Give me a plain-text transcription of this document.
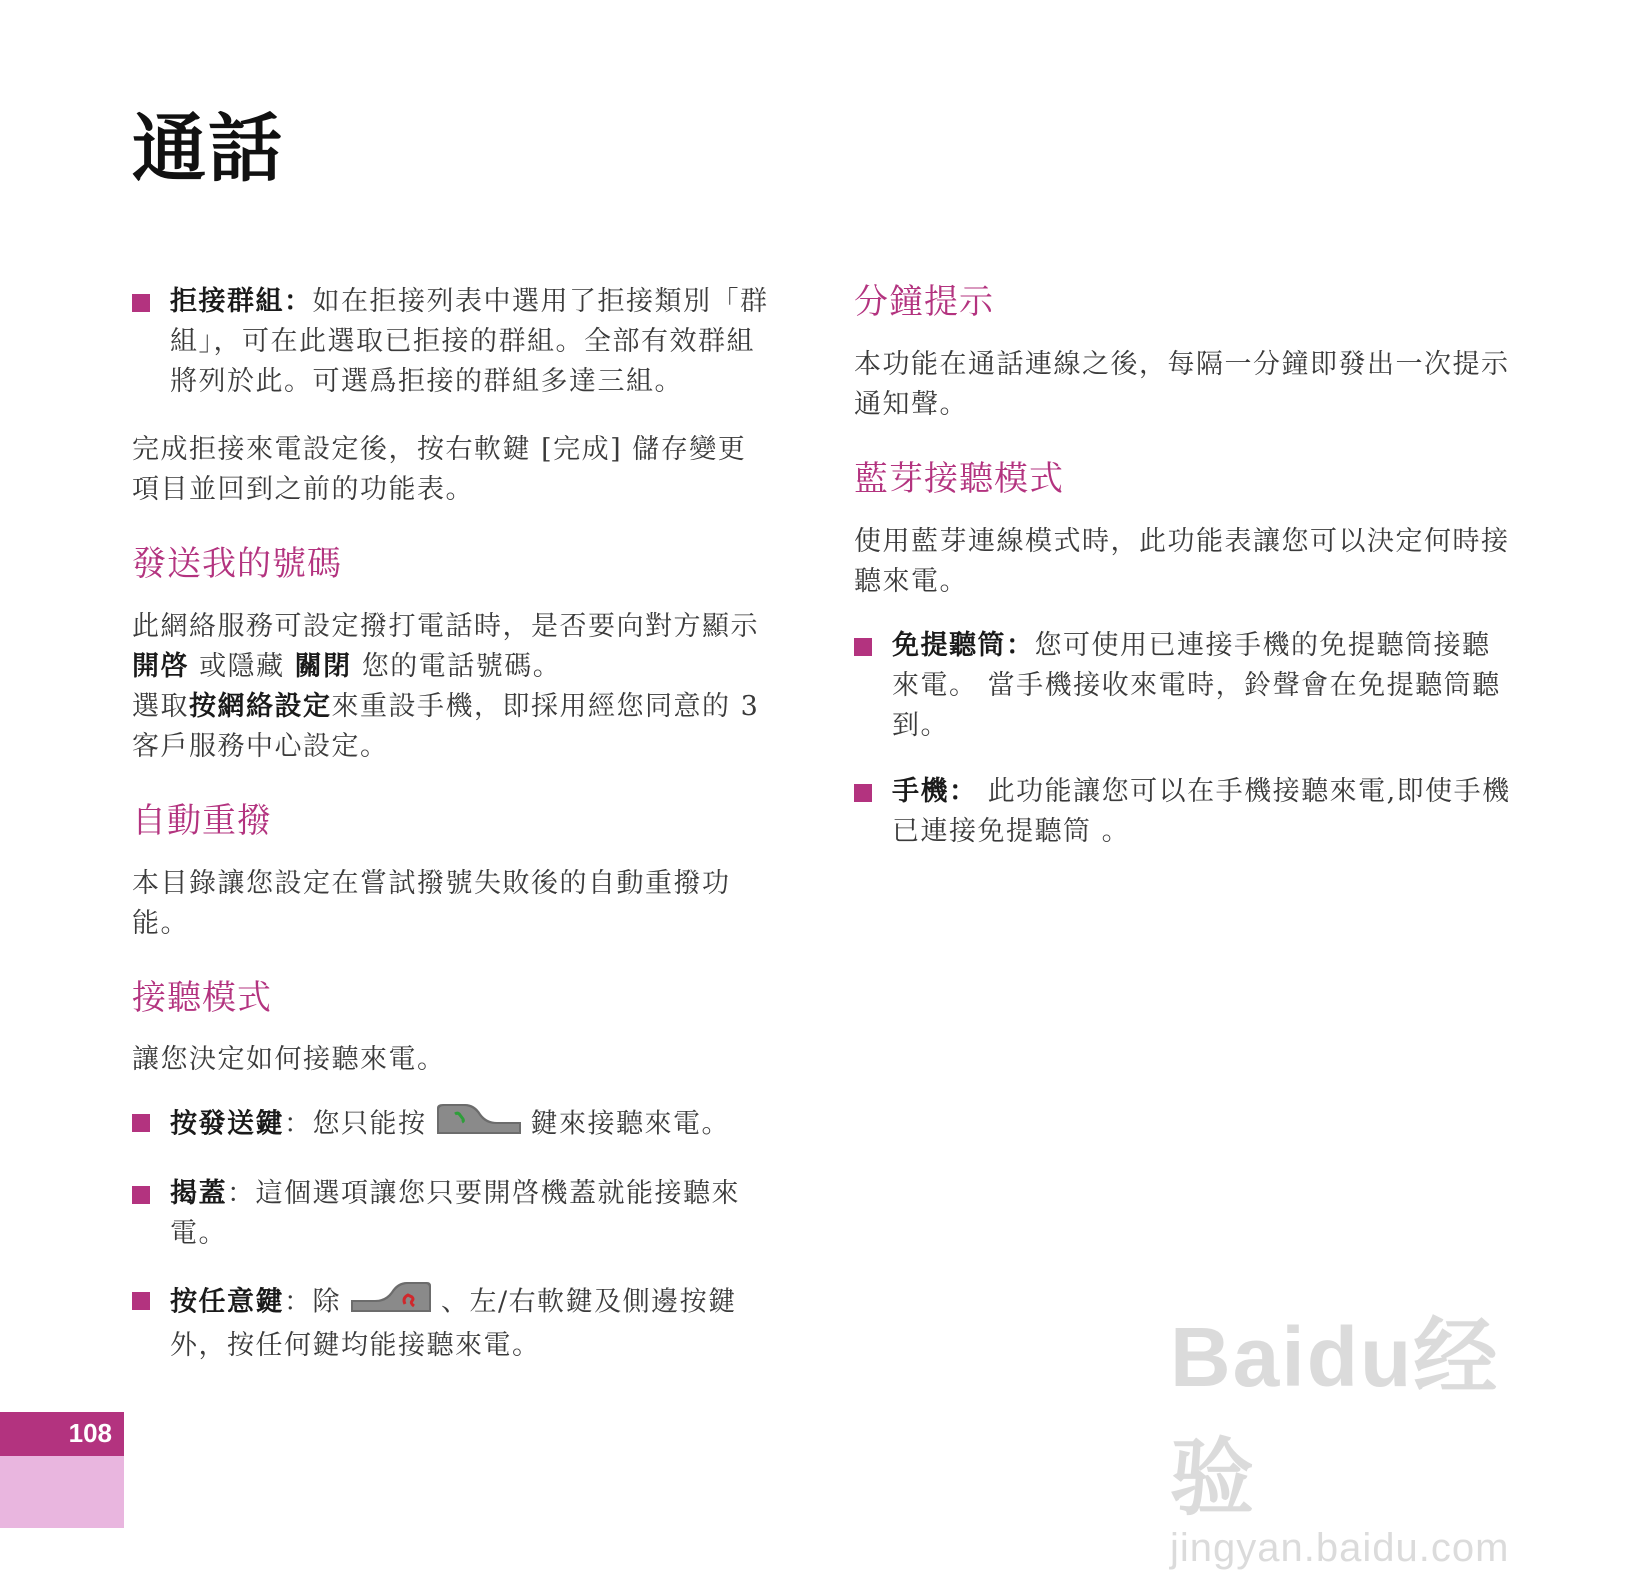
通話
拒接群組：如在拒接列表中選用了拒接類別「群組」，可在此選取已拒接的群組。全部有效群組將列於此。可選爲拒接的群組多達三組。

完成拒接來電設定後，按右軟鍵 [完成] 儲存變更項目並回到之前的功能表。

發送我的號碼

此網絡服務可設定撥打電話時，是否要向對方顯示 開啓 或隱藏 關閉 您的電話號碼。
選取按網絡設定來重設手機，即採用經您同意的 3 客戶服務中心設定。

自動重撥

本目錄讓您設定在嘗試撥號失敗後的自動重撥功能。

接聽模式

讓您決定如何接聽來電。

按發送鍵：您只能按	鍵來接聽來電。
揭蓋：這個選項讓您只要開啓機蓋就能接聽來電。
按任意鍵：除	、左/右軟鍵及側邊按鍵外，按任何鍵均能接聽來電。
分鐘提示

本功能在通話連線之後，每隔一分鐘即發出一次提示通知聲。

藍芽接聽模式

使用藍芽連線模式時，此功能表讓您可以決定何時接聽來電。

免提聽筒：您可使用已連接手機的免提聽筒接聽來電。 當手機接收來電時，鈴聲會在免提聽筒聽到。
手機： 此功能讓您可以在手機接聽來電,即使手機已連接免提聽筒 。
108
Baidu经验
jingyan.baidu.com
